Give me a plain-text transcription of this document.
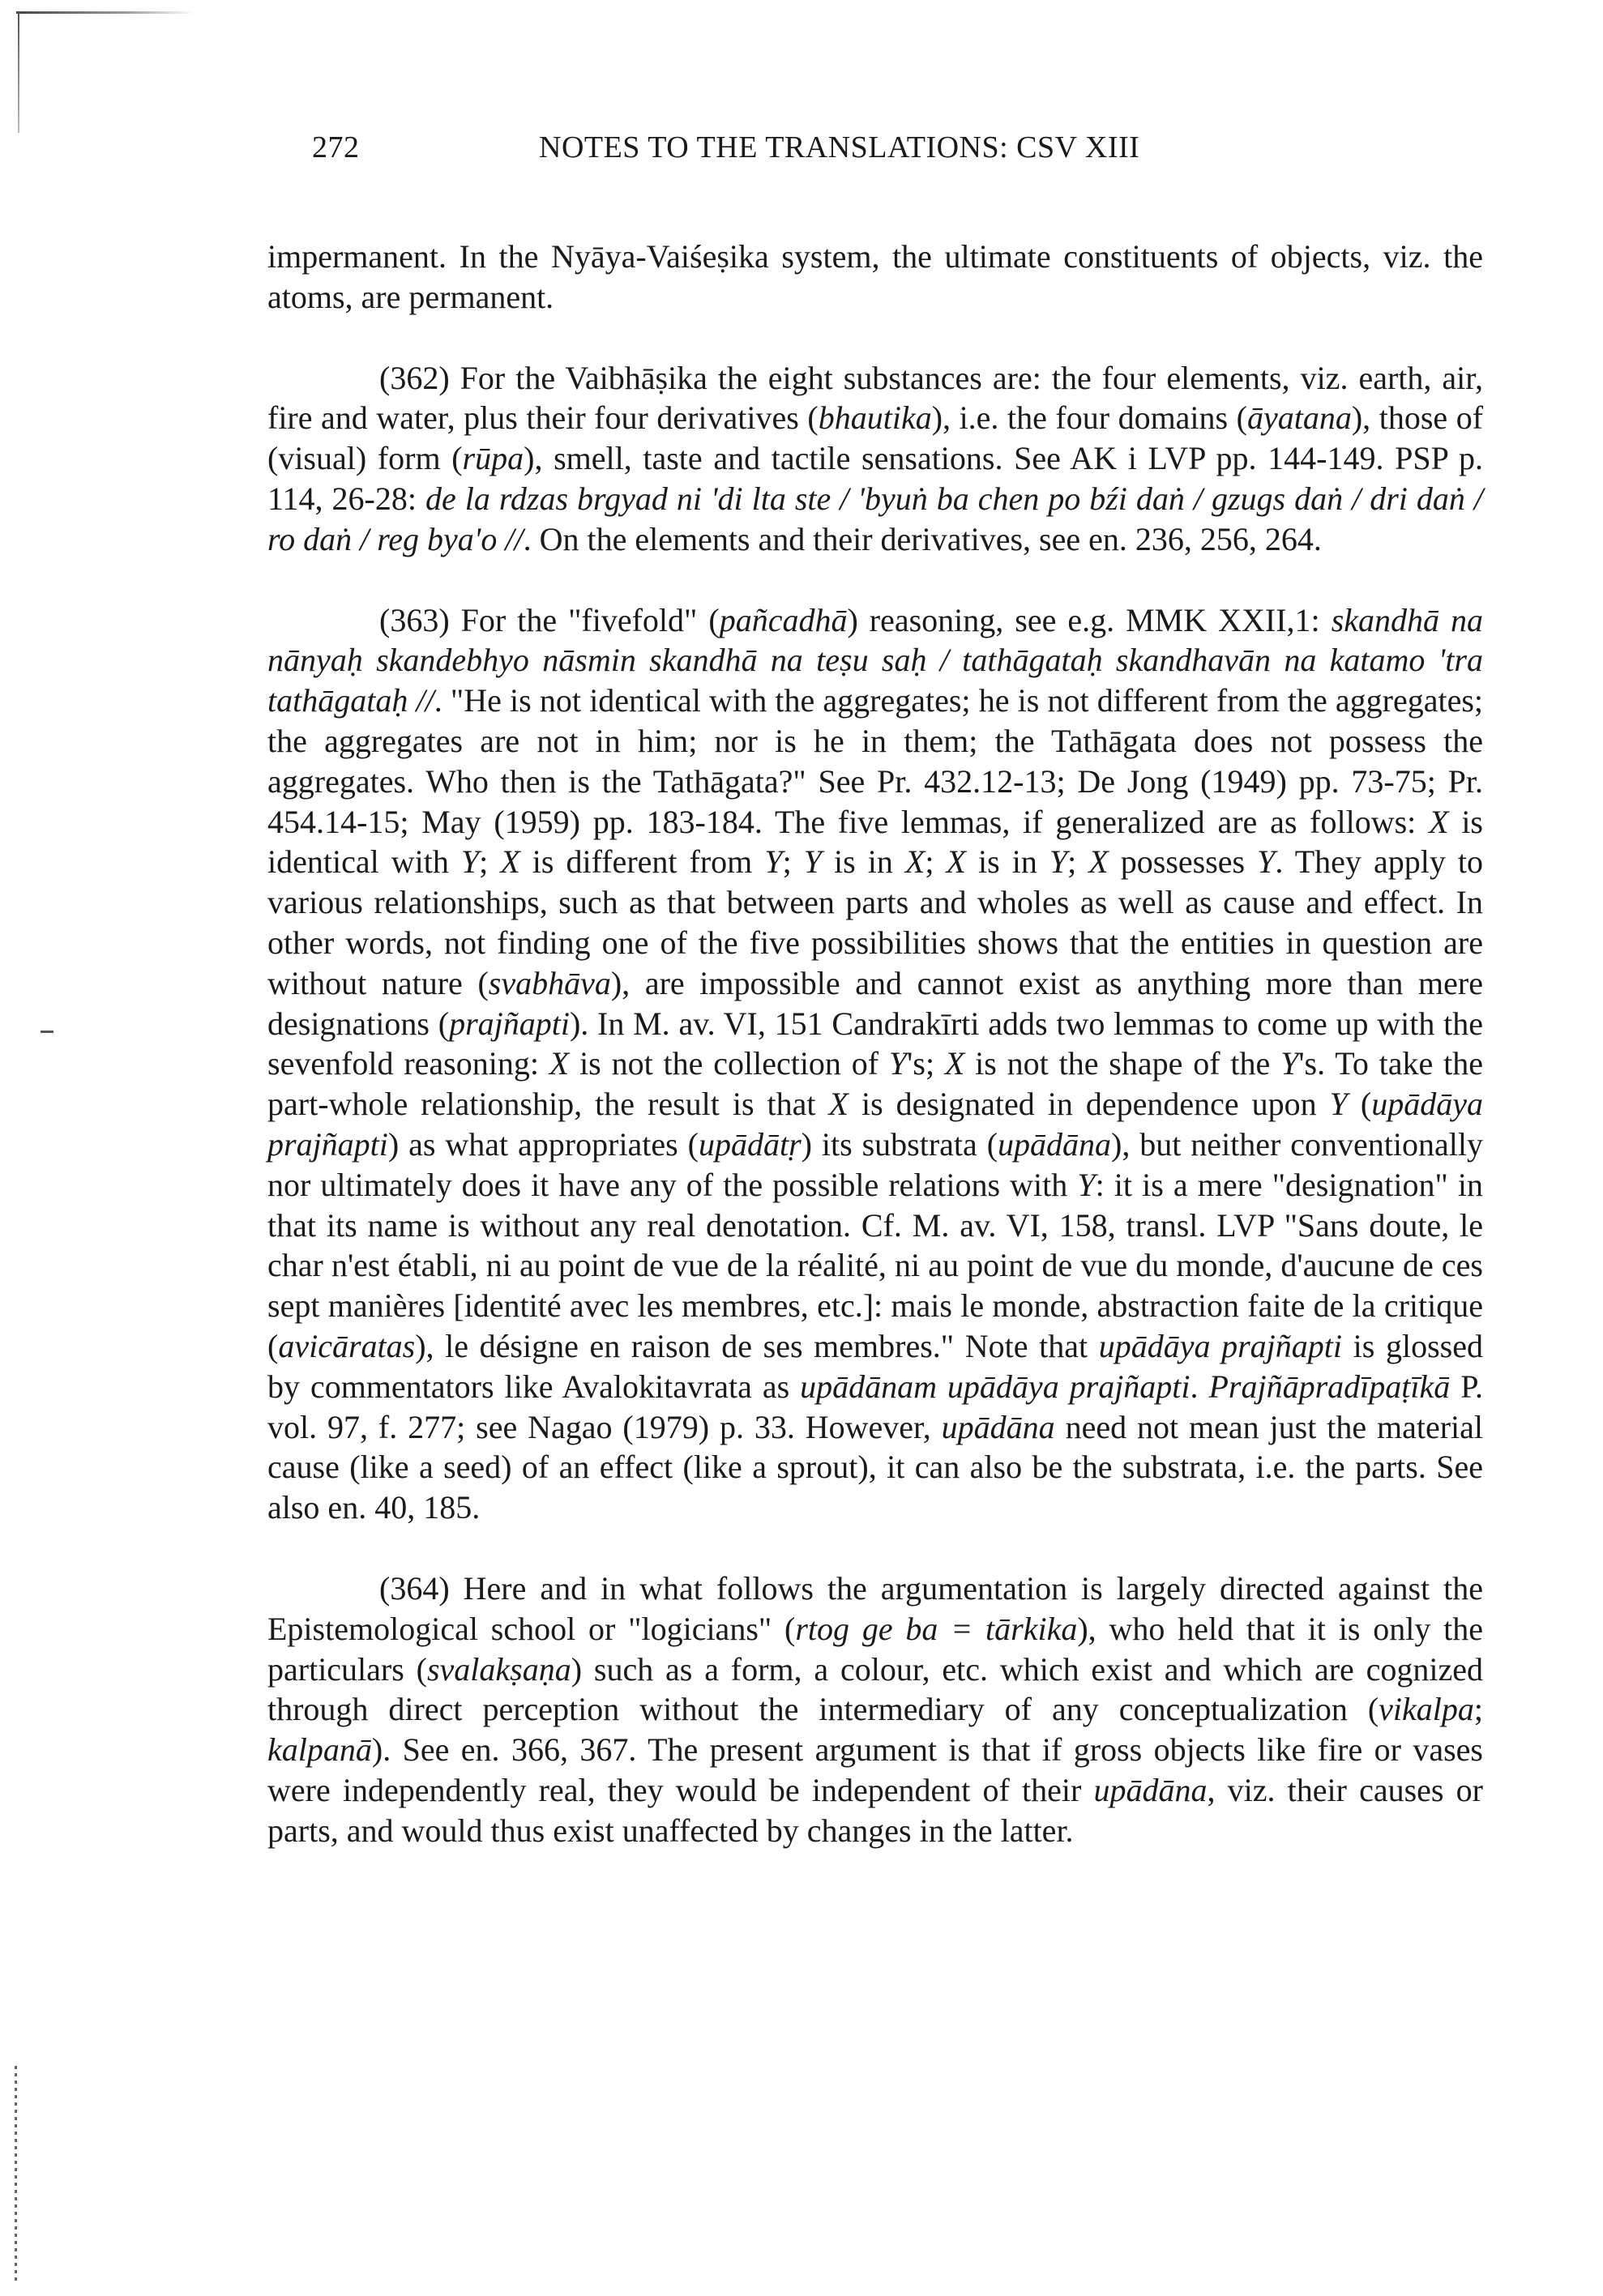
272	NOTES TO THE TRANSLATIONS: CSV XIII

impermanent. In the Nyāya-Vaiśeṣika system, the ultimate constituents of objects, viz. the atoms, are permanent.

(362) For the Vaibhāṣika the eight substances are: the four elements, viz. earth, air, fire and water, plus their four derivatives (bhautika), i.e. the four domains (āyatana), those of (visual) form (rūpa), smell, taste and tactile sensations. See AK i LVP pp. 144-149. PSP p. 114, 26-28: de la rdzas brgyad ni 'di lta ste / 'byuṅ ba chen po bźi daṅ / gzugs daṅ / dri daṅ / ro daṅ / reg bya'o //. On the elements and their derivatives, see en. 236, 256, 264.

(363) For the "fivefold" (pañcadhā) reasoning, see e.g. MMK XXII,1: skandhā na nānyaḥ skandebhyo nāsmin skandhā na teṣu saḥ / tathāgataḥ skandhavān na katamo 'tra tathāgataḥ //. "He is not identical with the aggregates; he is not different from the aggregates; the aggregates are not in him; nor is he in them; the Tathāgata does not possess the aggregates. Who then is the Tathāgata?" See Pr. 432.12-13; De Jong (1949) pp. 73-75; Pr. 454.14-15; May (1959) pp. 183-184. The five lemmas, if generalized are as follows: X is identical with Y; X is different from Y; Y is in X; X is in Y; X possesses Y. They apply to various relationships, such as that between parts and wholes as well as cause and effect. In other words, not finding one of the five possibilities shows that the entities in question are without nature (svabhāva), are impossible and cannot exist as anything more than mere designations (prajñapti). In M. av. VI, 151 Candrakīrti adds two lemmas to come up with the sevenfold reasoning: X is not the collection of Y's; X is not the shape of the Y's. To take the part-whole relationship, the result is that X is designated in dependence upon Y (upādāya prajñapti) as what appropriates (upādātṛ) its substrata (upādāna), but neither conventionally nor ultimately does it have any of the possible relations with Y: it is a mere "designation" in that its name is without any real denotation. Cf. M. av. VI, 158, transl. LVP "Sans doute, le char n'est établi, ni au point de vue de la réalité, ni au point de vue du monde, d'aucune de ces sept manières [identité avec les membres, etc.]: mais le monde, abstraction faite de la critique (avicāratas), le désigne en raison de ses membres." Note that upādāya prajñapti is glossed by commentators like Avalokitavrata as upādānam upādāya prajñapti. Prajñāpradīpaṭīkā P. vol. 97, f. 277; see Nagao (1979) p. 33. However, upādāna need not mean just the material cause (like a seed) of an effect (like a sprout), it can also be the substrata, i.e. the parts. See also en. 40, 185.

(364) Here and in what follows the argumentation is largely directed against the Epistemological school or "logicians" (rtog ge ba = tārkika), who held that it is only the particulars (svalakṣaṇa) such as a form, a colour, etc. which exist and which are cognized through direct perception without the intermediary of any conceptualization (vikalpa; kalpanā). See en. 366, 367. The present argument is that if gross objects like fire or vases were independently real, they would be independent of their upādāna, viz. their causes or parts, and would thus exist unaffected by changes in the latter.
